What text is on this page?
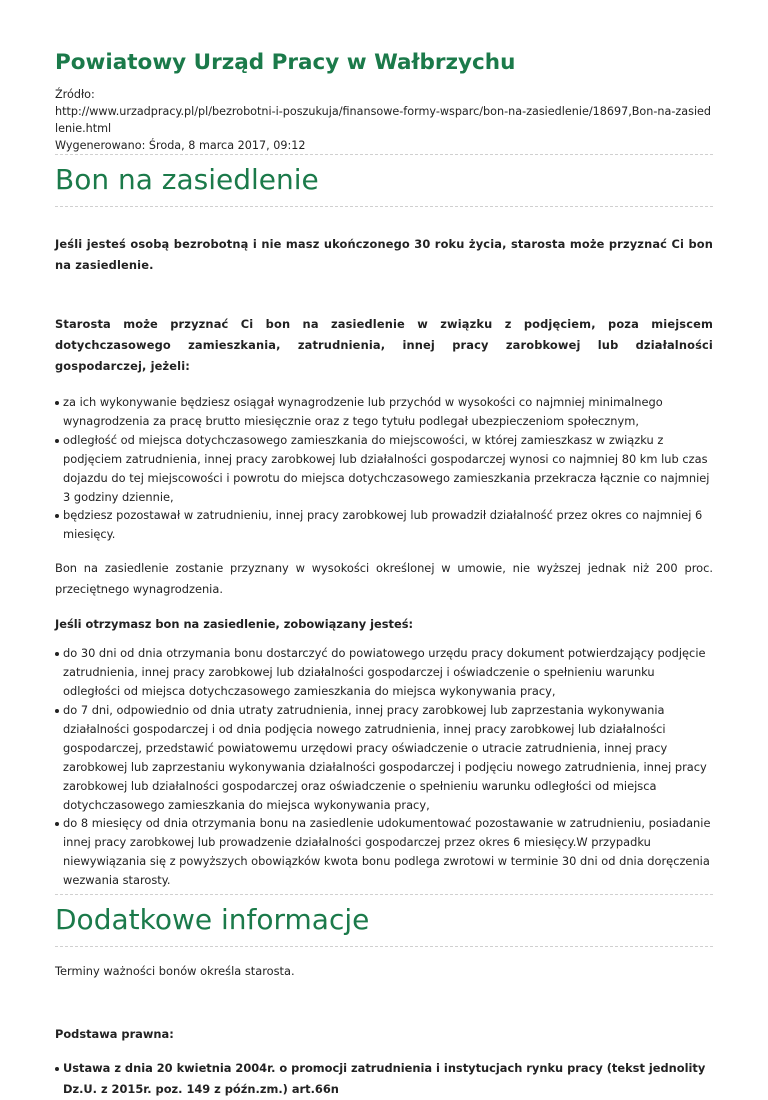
Powiatowy Urząd Pracy w Wałbrzychu
Źródło:
http://www.urzadpracy.pl/pl/bezrobotni-i-poszukuja/finansowe-formy-wsparc/bon-na-zasiedlenie/18697,Bon-na-zasiedlenie.html
Wygenerowano: Środa, 8 marca 2017, 09:12
Bon na zasiedlenie

Jeśli jesteś osobą bezrobotną i nie masz ukończonego 30 roku życia, starosta może przyznać Ci bon na zasiedlenie.

Starosta może przyznać Ci bon na zasiedlenie w związku z podjęciem, poza miejscem dotychczasowego zamieszkania, zatrudnienia, innej pracy zarobkowej lub działalności gospodarczej, jeżeli:

za ich wykonywanie będziesz osiągał wynagrodzenie lub przychód w wysokości co najmniej minimalnego wynagrodzenia za pracę brutto miesięcznie oraz z tego tytułu podlegał ubezpieczeniom społecznym,
odległość od miejsca dotychczasowego zamieszkania do miejscowości, w której zamieszkasz w związku z podjęciem zatrudnienia, innej pracy zarobkowej lub działalności gospodarczej wynosi co najmniej 80 km lub czas dojazdu do tej miejscowości i powrotu do miejsca dotychczasowego zamieszkania przekracza łącznie co najmniej 3 godziny dziennie,
będziesz pozostawał w zatrudnieniu, innej pracy zarobkowej lub prowadził działalność przez okres co najmniej 6 miesięcy.

Bon na zasiedlenie zostanie przyznany w wysokości określonej w umowie, nie wyższej jednak niż 200 proc. przeciętnego wynagrodzenia.

Jeśli otrzymasz bon na zasiedlenie, zobowiązany jesteś:

do 30 dni od dnia otrzymania bonu dostarczyć do powiatowego urzędu pracy dokument potwierdzający podjęcie zatrudnienia, innej pracy zarobkowej lub działalności gospodarczej i oświadczenie o spełnieniu warunku odległości od miejsca dotychczasowego zamieszkania do miejsca wykonywania pracy,
do 7 dni, odpowiednio od dnia utraty zatrudnienia, innej pracy zarobkowej lub zaprzestania wykonywania działalności gospodarczej i od dnia podjęcia nowego zatrudnienia, innej pracy zarobkowej lub działalności gospodarczej, przedstawić powiatowemu urzędowi pracy oświadczenie o utracie zatrudnienia, innej pracy zarobkowej lub zaprzestaniu wykonywania działalności gospodarczej i podjęciu nowego zatrudnienia, innej pracy zarobkowej lub działalności gospodarczej oraz oświadczenie o spełnieniu warunku odległości od miejsca dotychczasowego zamieszkania do miejsca wykonywania pracy,
do 8 miesięcy od dnia otrzymania bonu na zasiedlenie udokumentować pozostawanie w zatrudnieniu, posiadanie innej pracy zarobkowej lub prowadzenie działalności gospodarczej przez okres 6 miesięcy.W przypadku niewywiązania się z powyższych obowiązków kwota bonu podlega zwrotowi w terminie 30 dni od dnia doręczenia wezwania starosty.
Dodatkowe informacje

Terminy ważności bonów określa starosta.

Podstawa prawna:

Ustawa z dnia 20 kwietnia 2004r. o promocji zatrudnienia i instytucjach rynku pracy (tekst jednolity Dz.U. z 2015r. poz. 149 z późn.zm.) art.66n
